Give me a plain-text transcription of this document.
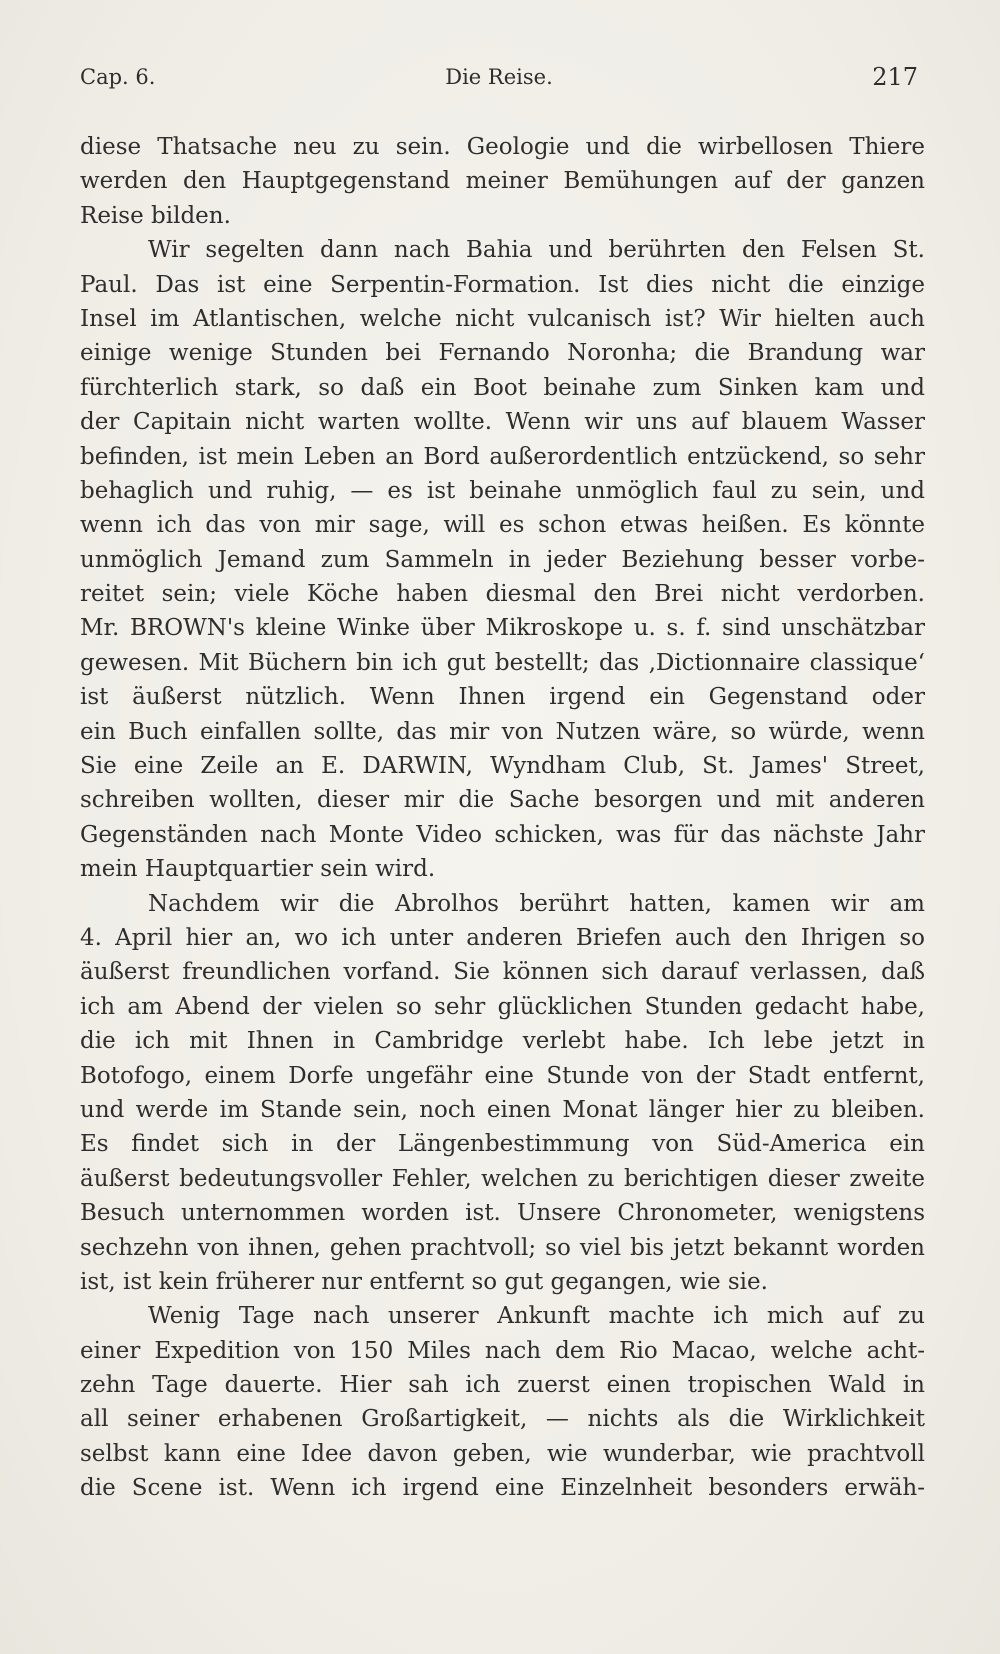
Cap. 6.	Die Reise.	217
diese Thatsache neu zu sein. Geologie und die wirbellosen Thiere
werden den Hauptgegenstand meiner Bemühungen auf der ganzen
Reise bilden.
Wir segelten dann nach Bahia und berührten den Felsen St.
Paul. Das ist eine Serpentin-Formation. Ist dies nicht die einzige
Insel im Atlantischen, welche nicht vulcanisch ist? Wir hielten auch
einige wenige Stunden bei Fernando Noronha; die Brandung war
fürchterlich stark, so daß ein Boot beinahe zum Sinken kam und
der Capitain nicht warten wollte. Wenn wir uns auf blauem Wasser
befinden, ist mein Leben an Bord außerordentlich entzückend, so sehr
behaglich und ruhig, — es ist beinahe unmöglich faul zu sein, und
wenn ich das von mir sage, will es schon etwas heißen. Es könnte
unmöglich Jemand zum Sammeln in jeder Beziehung besser vorbe-
reitet sein; viele Köche haben diesmal den Brei nicht verdorben.
Mr. BROWN's kleine Winke über Mikroskope u. s. f. sind unschätzbar
gewesen. Mit Büchern bin ich gut bestellt; das ‚Dictionnaire classique‘
ist äußerst nützlich. Wenn Ihnen irgend ein Gegenstand oder
ein Buch einfallen sollte, das mir von Nutzen wäre, so würde, wenn
Sie eine Zeile an E. DARWIN, Wyndham Club, St. James' Street,
schreiben wollten, dieser mir die Sache besorgen und mit anderen
Gegenständen nach Monte Video schicken, was für das nächste Jahr
mein Hauptquartier sein wird.
Nachdem wir die Abrolhos berührt hatten, kamen wir am
4. April hier an, wo ich unter anderen Briefen auch den Ihrigen so
äußerst freundlichen vorfand. Sie können sich darauf verlassen, daß
ich am Abend der vielen so sehr glücklichen Stunden gedacht habe,
die ich mit Ihnen in Cambridge verlebt habe. Ich lebe jetzt in
Botofogo, einem Dorfe ungefähr eine Stunde von der Stadt entfernt,
und werde im Stande sein, noch einen Monat länger hier zu bleiben.
Es findet sich in der Längenbestimmung von Süd-America ein
äußerst bedeutungsvoller Fehler, welchen zu berichtigen dieser zweite
Besuch unternommen worden ist. Unsere Chronometer, wenigstens
sechzehn von ihnen, gehen prachtvoll; so viel bis jetzt bekannt worden
ist, ist kein früherer nur entfernt so gut gegangen, wie sie.
Wenig Tage nach unserer Ankunft machte ich mich auf zu
einer Expedition von 150 Miles nach dem Rio Macao, welche acht-
zehn Tage dauerte. Hier sah ich zuerst einen tropischen Wald in
all seiner erhabenen Großartigkeit, — nichts als die Wirklichkeit
selbst kann eine Idee davon geben, wie wunderbar, wie prachtvoll
die Scene ist. Wenn ich irgend eine Einzelnheit besonders erwäh-
